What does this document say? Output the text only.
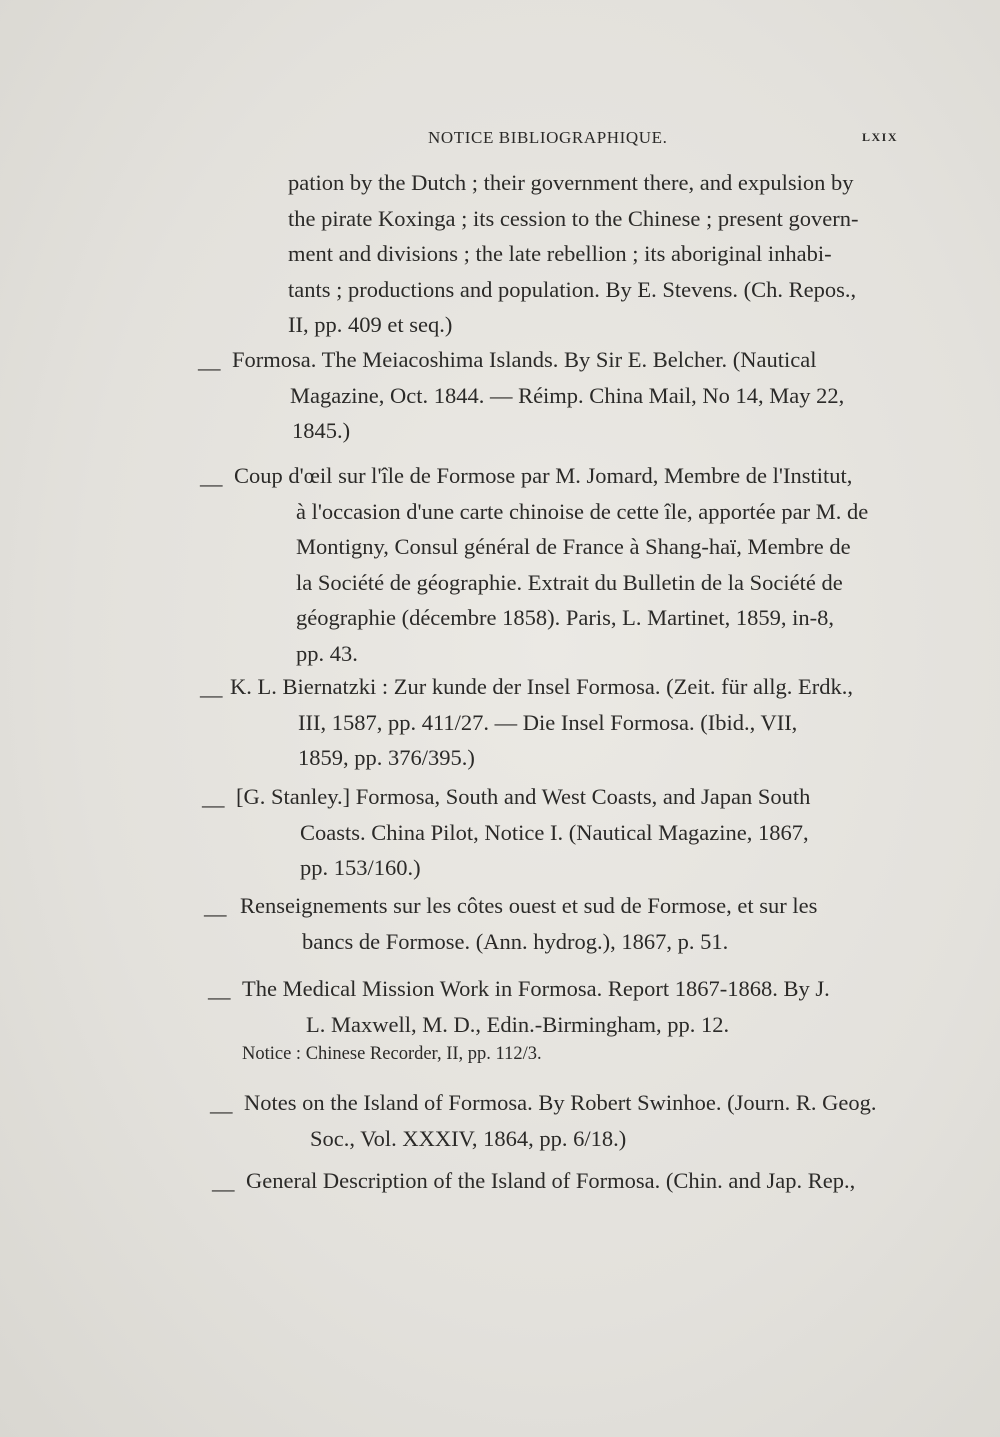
NOTICE BIBLIOGRAPHIQUE.	LXIX
pation by the Dutch ; their government there, and expulsion by
the pirate Koxinga ; its cession to the Chinese ; present govern-
ment and divisions ; the late rebellion ; its aboriginal inhabi-
tants ; productions and population. By E. Stevens. (Ch. Repos.,
II, pp. 409 et seq.)
— Formosa. The Meiacoshima Islands. By Sir E. Belcher. (Nautical
Magazine, Oct. 1844. — Réimp. China Mail, No 14, May 22,
1845.)
— Coup d'œil sur l'île de Formose par M. Jomard, Membre de l'Institut,
à l'occasion d'une carte chinoise de cette île, apportée par M. de
Montigny, Consul général de France à Shang-haï, Membre de
la Société de géographie. Extrait du Bulletin de la Société de
géographie (décembre 1858). Paris, L. Martinet, 1859, in-8,
pp. 43.
— K. L. Biernatzki : Zur kunde der Insel Formosa. (Zeit. für allg. Erdk.,
III, 1587, pp. 411/27. — Die Insel Formosa. (Ibid., VII,
1859, pp. 376/395.)
— [G. Stanley.] Formosa, South and West Coasts, and Japan South
Coasts. China Pilot, Notice I. (Nautical Magazine, 1867,
pp. 153/160.)
— Renseignements sur les côtes ouest et sud de Formose, et sur les
bancs de Formose. (Ann. hydrog.), 1867, p. 51.
— The Medical Mission Work in Formosa. Report 1867-1868. By J.
L. Maxwell, M. D., Edin.-Birmingham, pp. 12.
Notice : Chinese Recorder, II, pp. 112/3.
— Notes on the Island of Formosa. By Robert Swinhoe. (Journ. R. Geog.
Soc., Vol. XXXIV, 1864, pp. 6/18.)
— General Description of the Island of Formosa. (Chin. and Jap. Rep.,
